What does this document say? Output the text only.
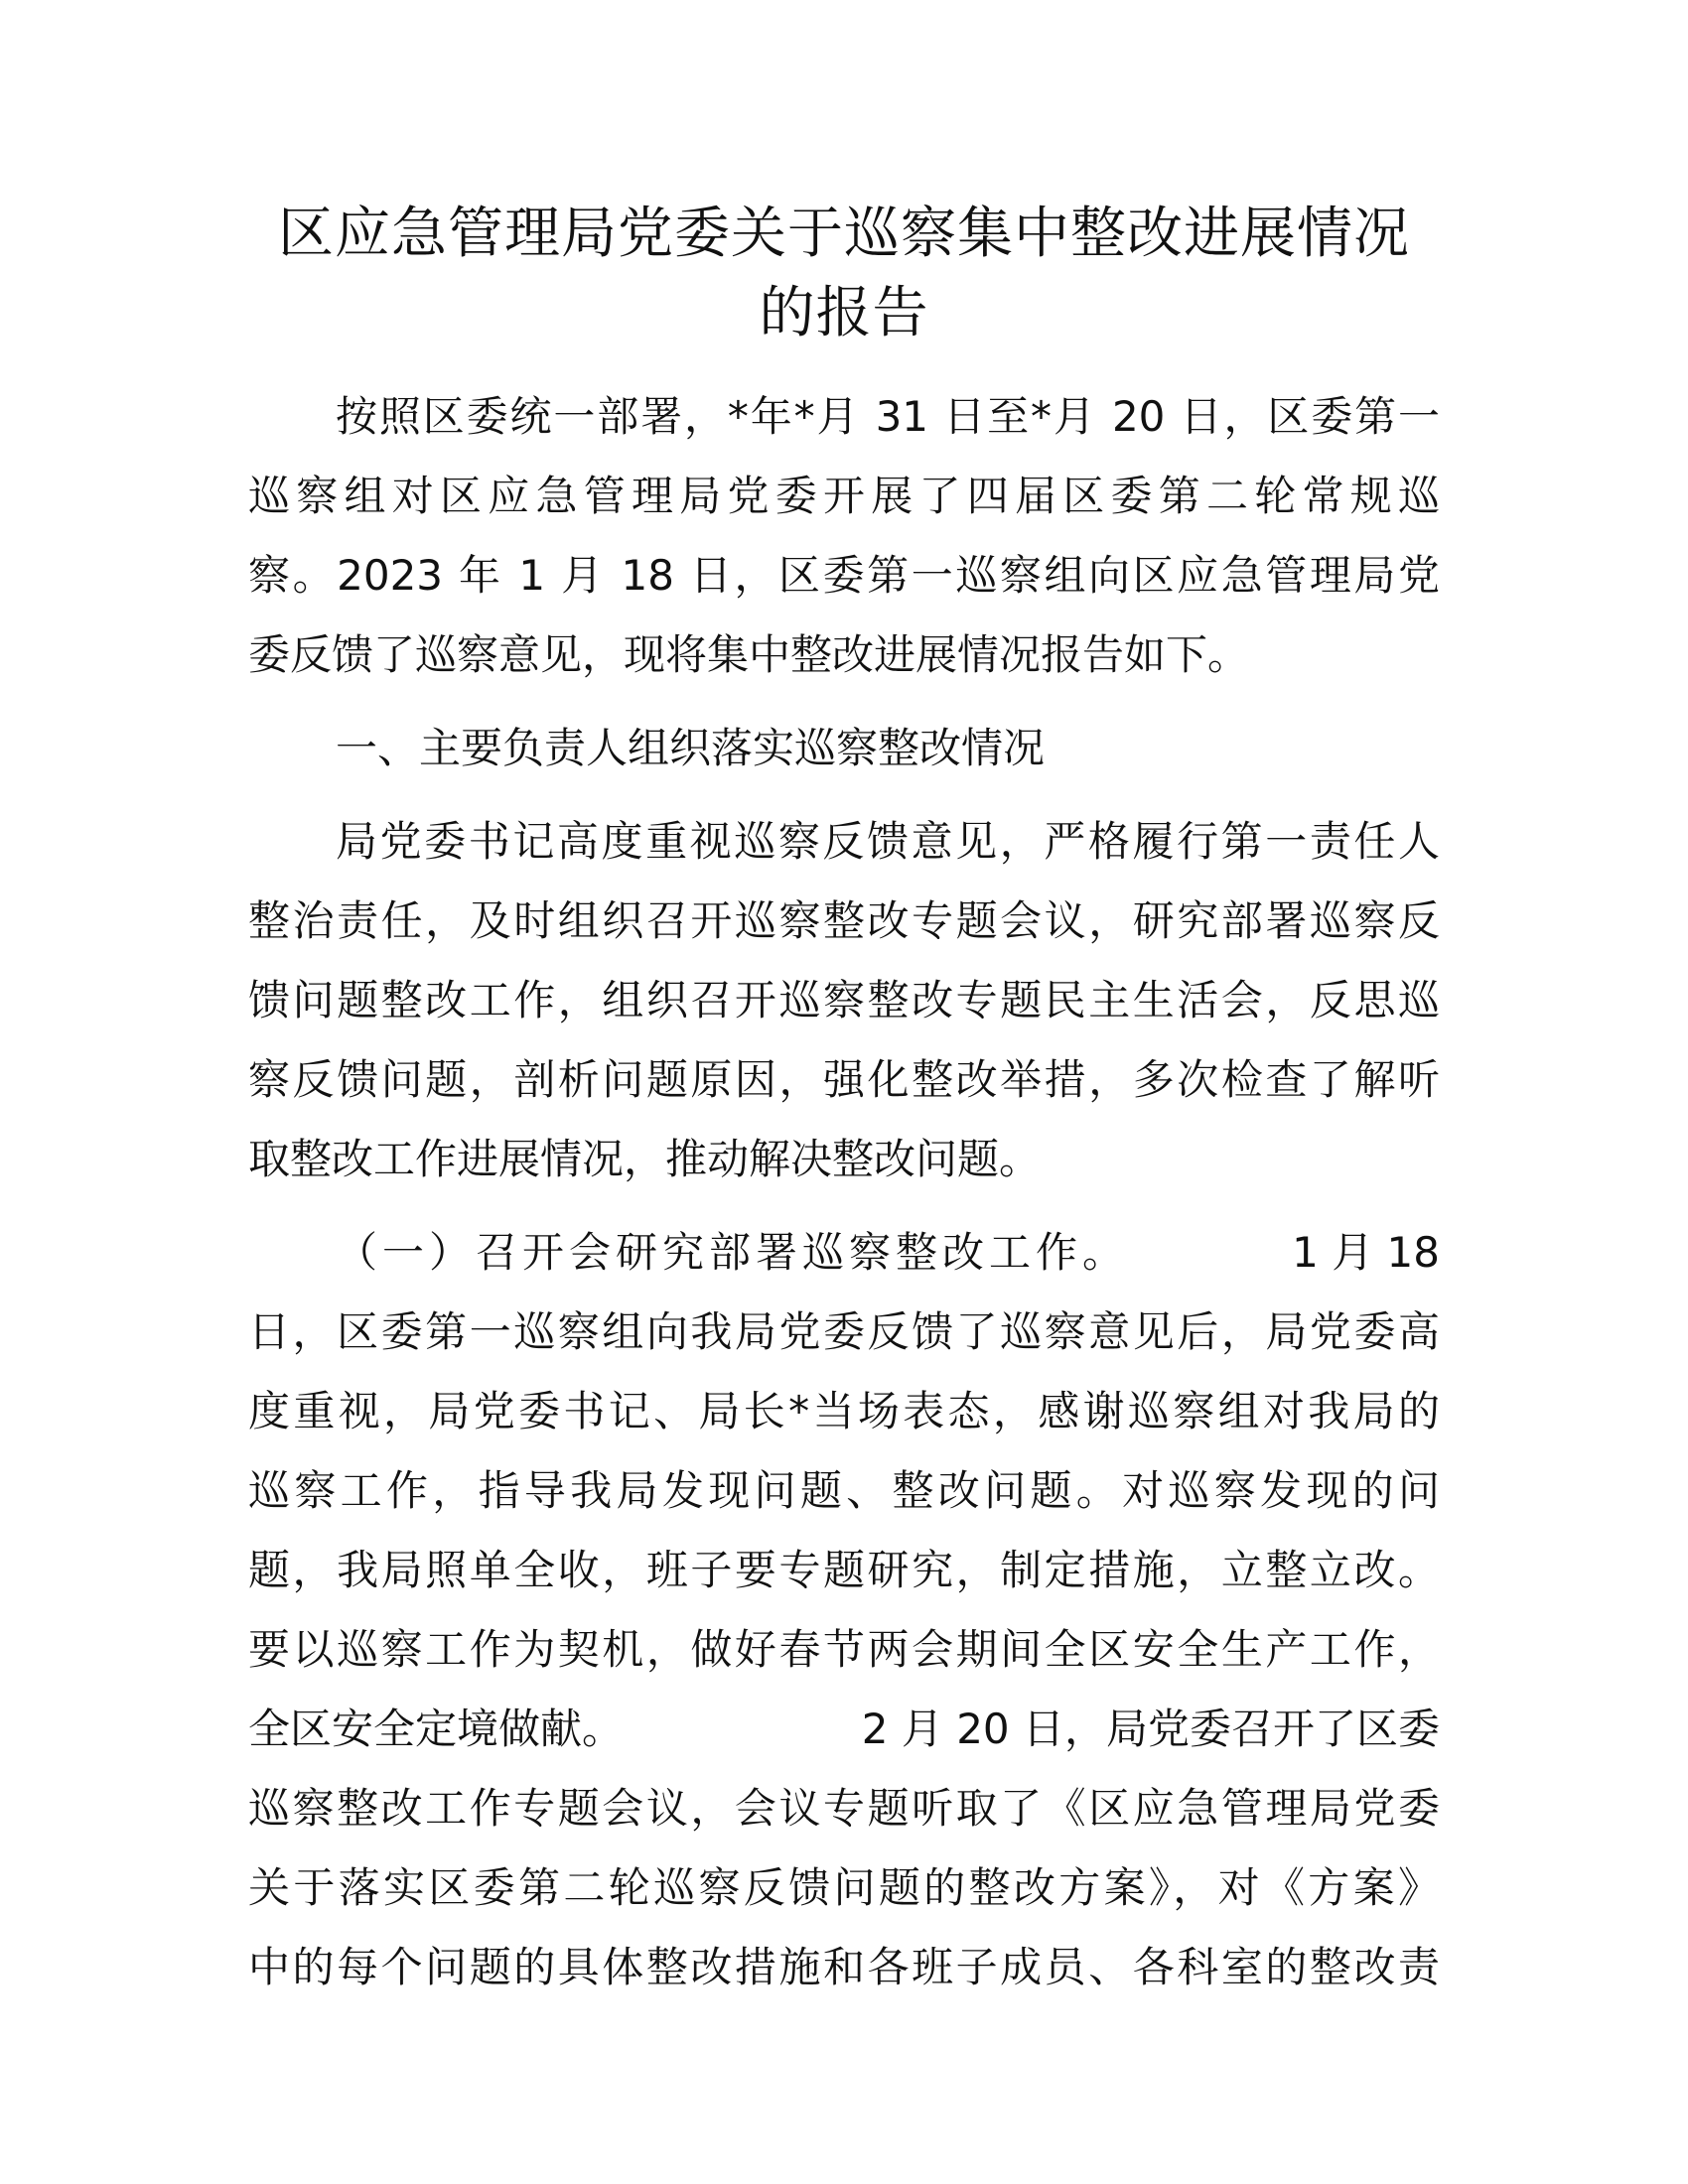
区应急管理局党委关于巡察集中整改进展情况
的报告
按照区委统一部署，*年*月 31 日至*月 20 日，区委第一
巡察组对区应急管理局党委开展了四届区委第二轮常规巡
察。2023 年 1 月 18 日，区委第一巡察组向区应急管理局党
委反馈了巡察意见，现将集中整改进展情况报告如下。
一、主要负责人组织落实巡察整改情况
局党委书记高度重视巡察反馈意见，严格履行第一责任人
整治责任，及时组织召开巡察整改专题会议，研究部署巡察反
馈问题整改工作，组织召开巡察整改专题民主生活会，反思巡
察反馈问题，剖析问题原因，强化整改举措，多次检查了解听
取整改工作进展情况，推动解决整改问题。
（一）召开会研究部署巡察整改工作。	1 月 18
日，区委第一巡察组向我局党委反馈了巡察意见后，局党委高
度重视，局党委书记、局长*当场表态，感谢巡察组对我局的
巡察工作，指导我局发现问题、整改问题。对巡察发现的问
题，我局照单全收，班子要专题研究，制定措施，立整立改。
要以巡察工作为契机，做好春节两会期间全区安全生产工作，
全区安全定境做献。	2 月 20 日，局党委召开了区委
巡察整改工作专题会议，会议专题听取了《区应急管理局党委
关于落实区委第二轮巡察反馈问题的整改方案》，对《方案》
中的每个问题的具体整改措施和各班子成员、各科室的整改责
